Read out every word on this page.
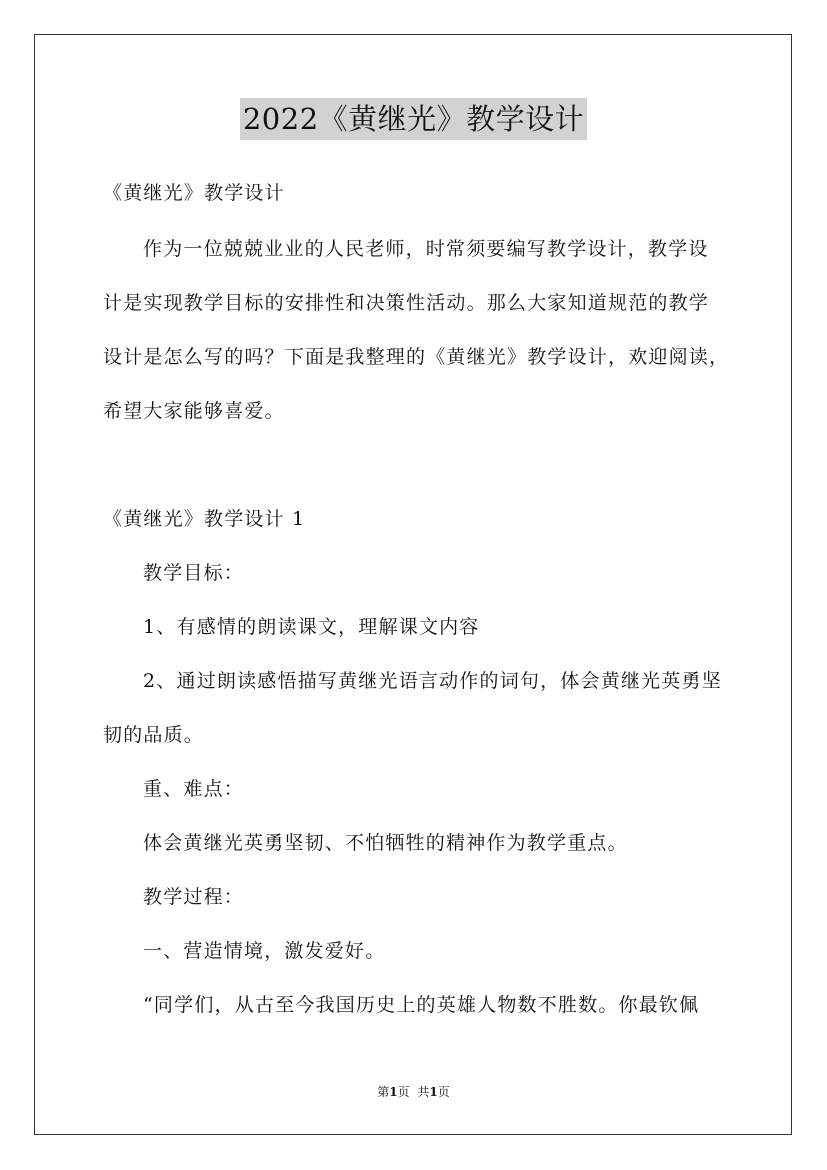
2022《黄继光》教学设计
《黄继光》教学设计
作为一位兢兢业业的人民老师，时常须要编写教学设计，教学设
计是实现教学目标的安排性和决策性活动。那么大家知道规范的教学
设计是怎么写的吗？下面是我整理的《黄继光》教学设计，欢迎阅读，
希望大家能够喜爱。
《黄继光》教学设计 1
教学目标：
1、有感情的朗读课文，理解课文内容
2、通过朗读感悟描写黄继光语言动作的词句，体会黄继光英勇坚
韧的品质。
重、难点：
体会黄继光英勇坚韧、不怕牺牲的精神作为教学重点。
教学过程：
一、营造情境，激发爱好。
“同学们，从古至今我国历史上的英雄人物数不胜数。你最钦佩
第1页 共1页
